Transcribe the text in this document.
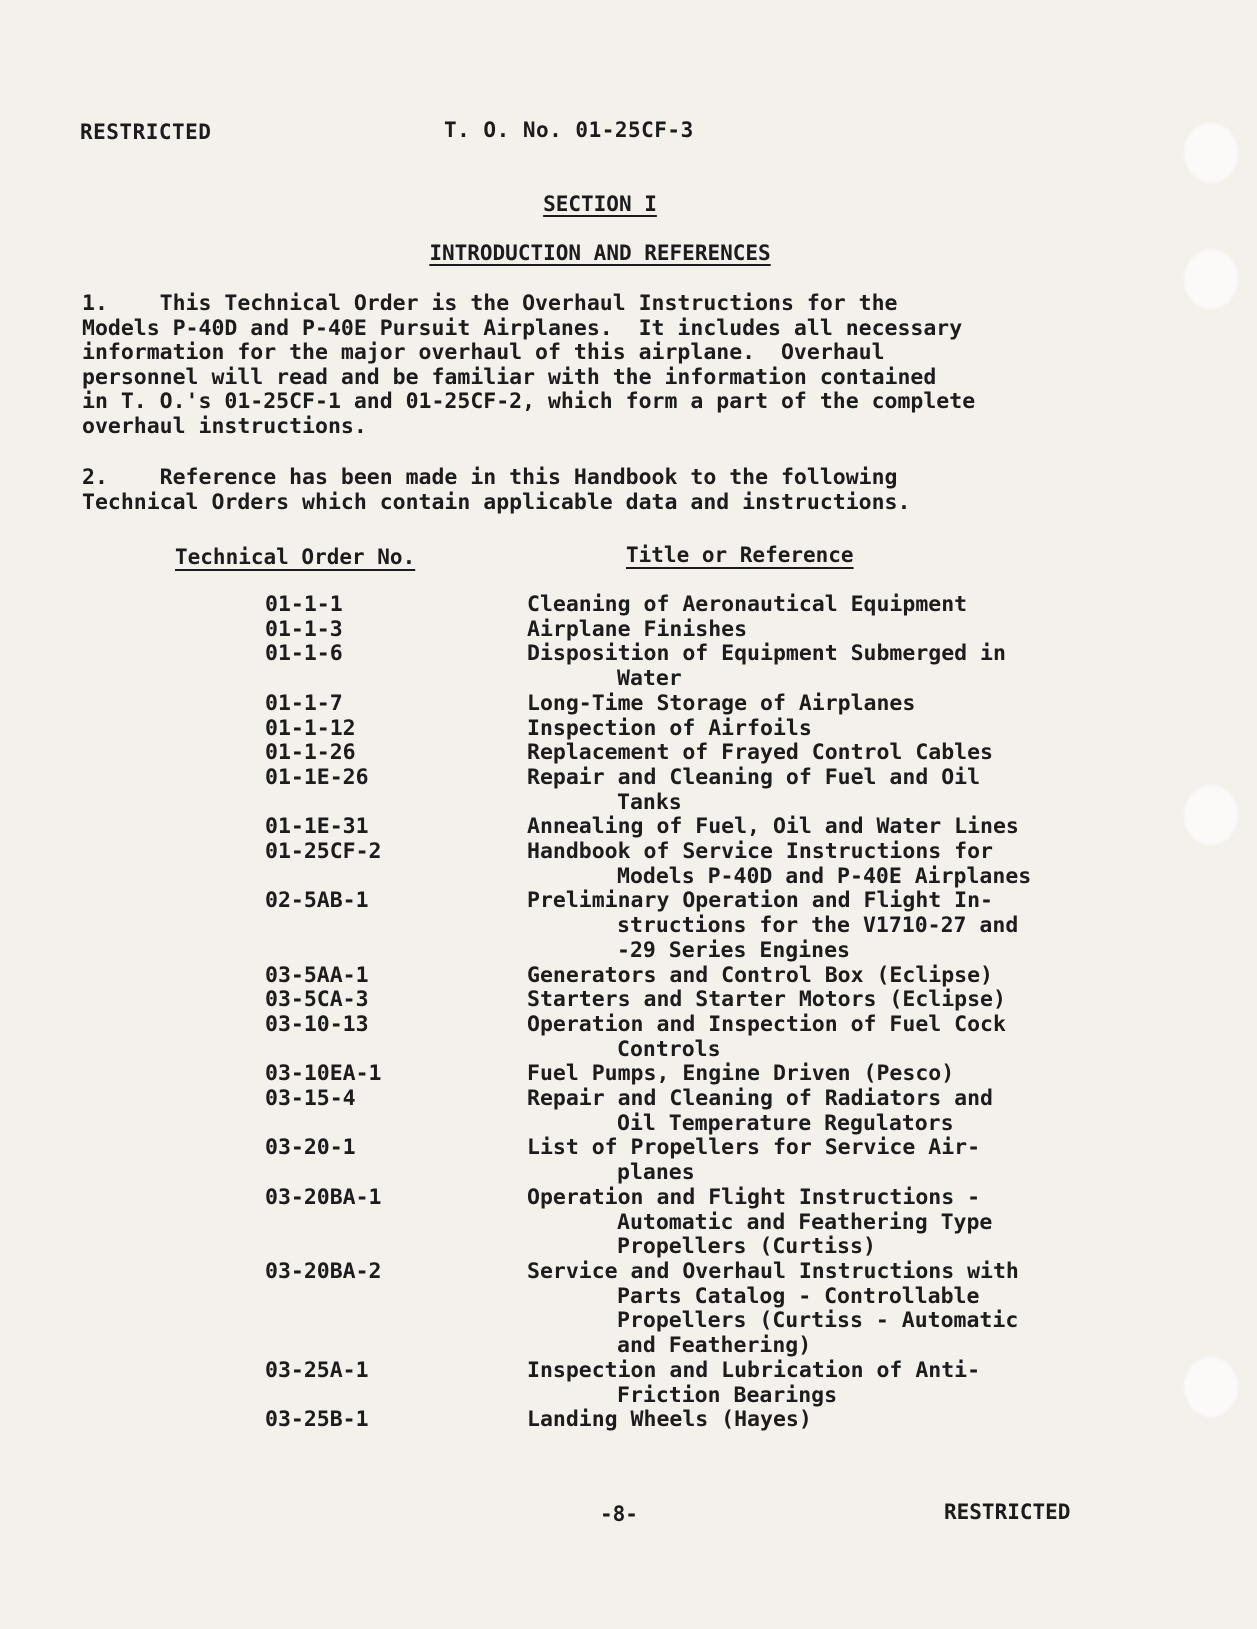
RESTRICTED	T. O. No. 01-25CF-3
SECTION I
INTRODUCTION AND REFERENCES
1.    This Technical Order is the Overhaul Instructions for the
Models P-40D and P-40E Pursuit Airplanes.  It includes all necessary
information for the major overhaul of this airplane.  Overhaul
personnel will read and be familiar with the information contained
in T. O.'s 01-25CF-1 and 01-25CF-2, which form a part of the complete
overhaul instructions.
2.    Reference has been made in this Handbook to the following
Technical Orders which contain applicable data and instructions.
Technical Order No.	Title or Reference
01-1-1	Cleaning of Aeronautical Equipment
01-1-3	Airplane Finishes
01-1-6	Disposition of Equipment Submerged in
Water
01-1-7	Long-Time Storage of Airplanes
01-1-12	Inspection of Airfoils
01-1-26	Replacement of Frayed Control Cables
01-1E-26	Repair and Cleaning of Fuel and Oil
Tanks
01-1E-31	Annealing of Fuel, Oil and Water Lines
01-25CF-2	Handbook of Service Instructions for
Models P-40D and P-40E Airplanes
02-5AB-1	Preliminary Operation and Flight In-
structions for the V1710-27 and
-29 Series Engines
03-5AA-1	Generators and Control Box (Eclipse)
03-5CA-3	Starters and Starter Motors (Eclipse)
03-10-13	Operation and Inspection of Fuel Cock
Controls
03-10EA-1	Fuel Pumps, Engine Driven (Pesco)
03-15-4	Repair and Cleaning of Radiators and
Oil Temperature Regulators
03-20-1	List of Propellers for Service Air-
planes
03-20BA-1	Operation and Flight Instructions -
Automatic and Feathering Type
Propellers (Curtiss)
03-20BA-2	Service and Overhaul Instructions with
Parts Catalog - Controllable
Propellers (Curtiss - Automatic
and Feathering)
03-25A-1	Inspection and Lubrication of Anti-
Friction Bearings
03-25B-1	Landing Wheels (Hayes)
-8-	RESTRICTED
